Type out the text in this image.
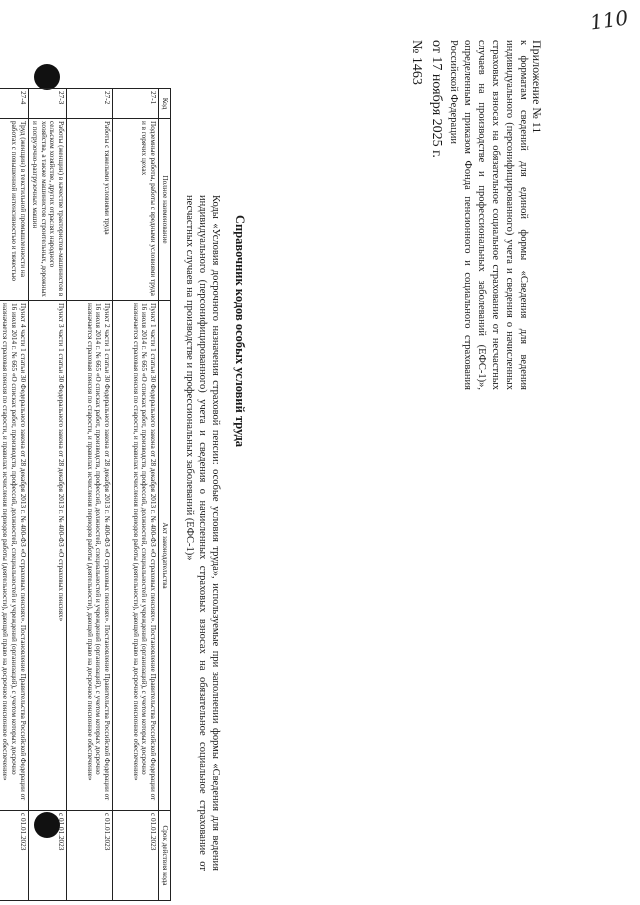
110
Приложение № 11
к форматам сведений для единой формы «Сведения для ведения индивидуального (персонифицированного) учета и сведения о начисленных страховых взносах на обязательное социальное страхование от несчастных случаев на производстве и профессиональных заболеваний (ЕФС-1)», определенным приказом Фонда пенсионного и социального страхования Российской Федерации
от 17 ноября 2025 г.
№ 1463
Справочник кодов особых условий труда
Коды «Условия досрочного назначения страховой пенсии: особые условия труда», используемые при заполнении формы «Сведения для ведения индивидуального (персонифицированного) учета и сведения о начисленных страховых взносах на обязательное социальное страхование от несчастных случаев на производстве и профессиональных заболеваний (ЕФС-1)»
Код	Полное наименование	Акт законодательства	Срок действия кода
27-1	Подземные работы, работы с вредными условиями труда и в горячих цехах	Пункт 1 части 1 статьи 30 Федерального закона от 28 декабря 2013 г. № 400-ФЗ «О страховых пенсиях». Постановление Правительства Российской Федерации от 16 июля 2014 г. № 665 «О списках работ, производств, профессий, должностей, специальностей и учреждений (организаций), с учетом которых досрочно назначается страховая пенсия по старости, и правилах исчисления периодов работы (деятельности), дающей право на досрочное пенсионное обеспечение»	с 01.01.2023
27-2	Работы с тяжелыми условиями труда	Пункт 2 части 1 статьи 30 Федерального закона от 28 декабря 2013 г. № 400-ФЗ «О страховых пенсиях». Постановление Правительства Российской Федерации от 16 июля 2014 г. № 665 «О списках работ, производств, профессий, должностей, специальностей и учреждений (организаций), с учетом которых досрочно назначается страховая пенсия по старости, и правилах исчисления периодов работы (деятельности), дающей право на досрочное пенсионное обеспечение»	с 01.01.2023
27-3	Работы (женщин) в качестве трактористов-машинистов в сельском хозяйстве, других отраслях народного хозяйства, а также машинистов строительных, дорожных и погрузочно-разгрузочных машин	Пункт 3 части 1 статьи 30 Федерального закона от 28 декабря 2013 г. № 400-ФЗ «О страховых пенсиях»	с 01.01.2023
27-4	Труд (женщин) в текстильной промышленности на работах с повышенной интенсивностью и тяжестью	Пункт 4 части 1 статьи 30 Федерального закона от 28 декабря 2013 г. № 400-ФЗ «О страховых пенсиях». Постановление Правительства Российской Федерации от 16 июля 2014 г. № 665 «О списках работ, производств, профессий, должностей, специальностей и учреждений (организаций), с учетом которых досрочно назначается страховая пенсия по старости, и правилах исчисления периодов работы (деятельности), дающей право на досрочное пенсионное обеспечение»	с 01.01.2023
